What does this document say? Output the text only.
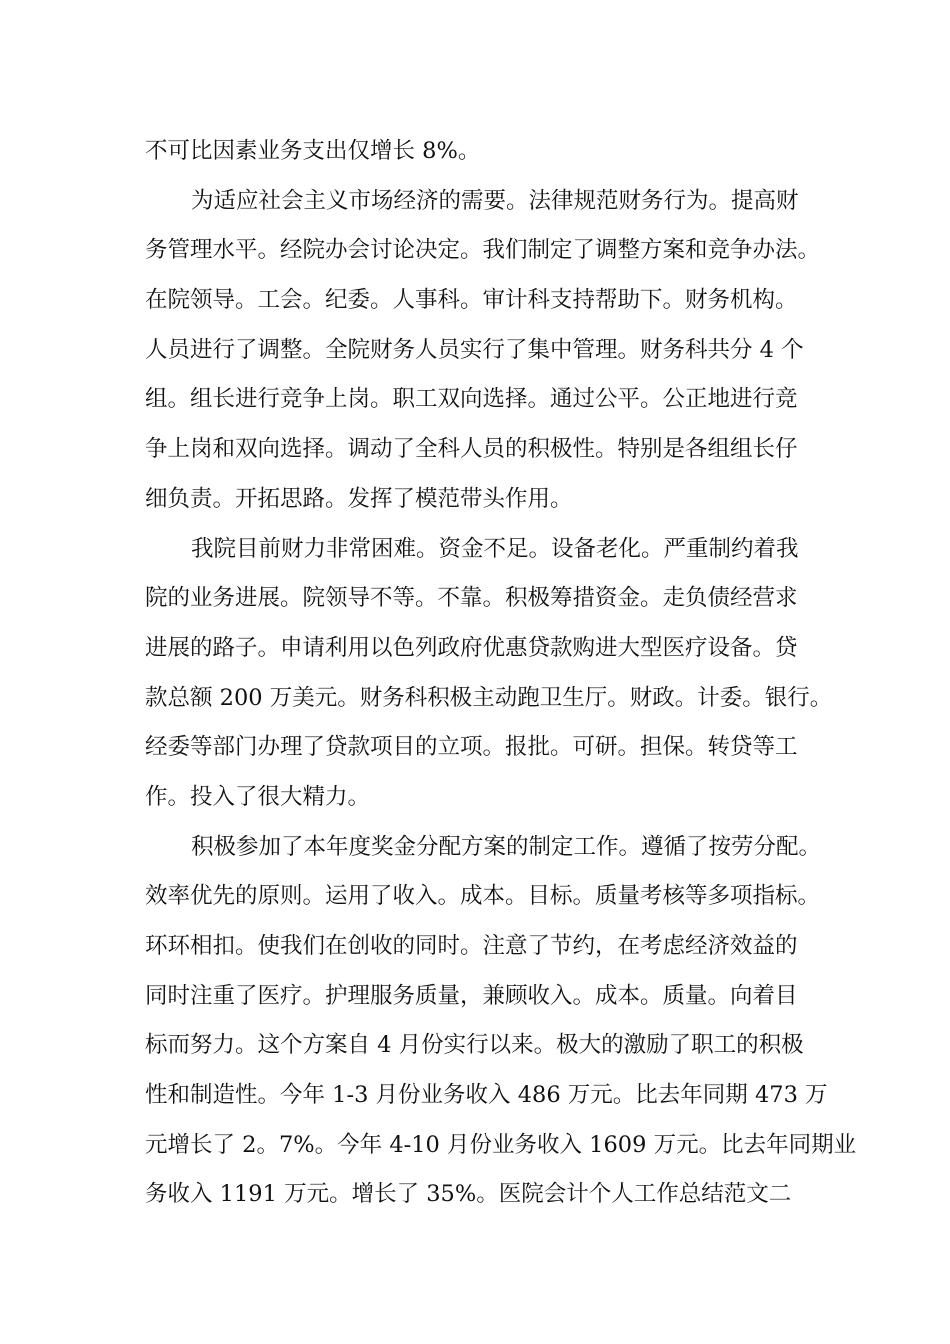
不可比因素业务支出仅增长 8%。
为适应社会主义市场经济的需要。法律规范财务行为。提高财
务管理水平。经院办会讨论决定。我们制定了调整方案和竞争办法。
在院领导。工会。纪委。人事科。审计科支持帮助下。财务机构。
人员进行了调整。全院财务人员实行了集中管理。财务科共分 4 个
组。组长进行竞争上岗。职工双向选择。通过公平。公正地进行竞
争上岗和双向选择。调动了全科人员的积极性。特别是各组组长仔
细负责。开拓思路。发挥了模范带头作用。
我院目前财力非常困难。资金不足。设备老化。严重制约着我
院的业务进展。院领导不等。不靠。积极筹措资金。走负债经营求
进展的路子。申请利用以色列政府优惠贷款购进大型医疗设备。贷
款总额 200 万美元。财务科积极主动跑卫生厅。财政。计委。银行。
经委等部门办理了贷款项目的立项。报批。可研。担保。转贷等工
作。投入了很大精力。
积极参加了本年度奖金分配方案的制定工作。遵循了按劳分配。
效率优先的原则。运用了收入。成本。目标。质量考核等多项指标。
环环相扣。使我们在创收的同时。注意了节约，在考虑经济效益的
同时注重了医疗。护理服务质量，兼顾收入。成本。质量。向着目
标而努力。这个方案自 4 月份实行以来。极大的激励了职工的积极
性和制造性。今年 1-3 月份业务收入 486 万元。比去年同期 473 万
元增长了 2。7%。今年 4-10 月份业务收入 1609 万元。比去年同期业
务收入 1191 万元。增长了 35%。医院会计个人工作总结范文二
